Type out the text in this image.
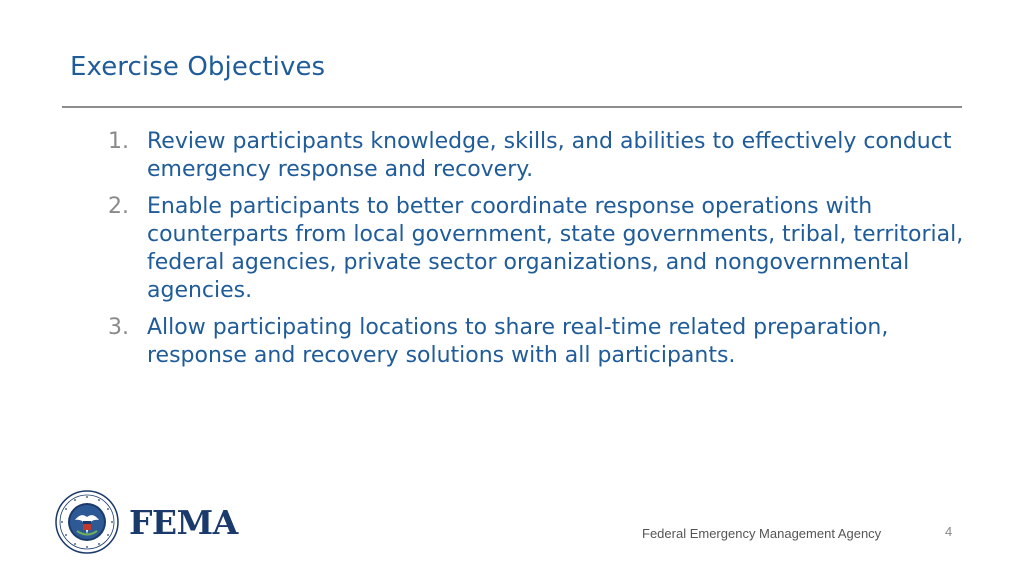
Exercise Objectives
1. Review participants knowledge, skills, and abilities to effectively conduct emergency response and recovery.
2. Enable participants to better coordinate response operations with counterparts from local government, state governments, tribal, territorial, federal agencies, private sector organizations, and nongovernmental agencies.
3. Allow participating locations to share real-time related preparation, response and recovery solutions with all participants.
FEMA	Federal Emergency Management Agency	4
